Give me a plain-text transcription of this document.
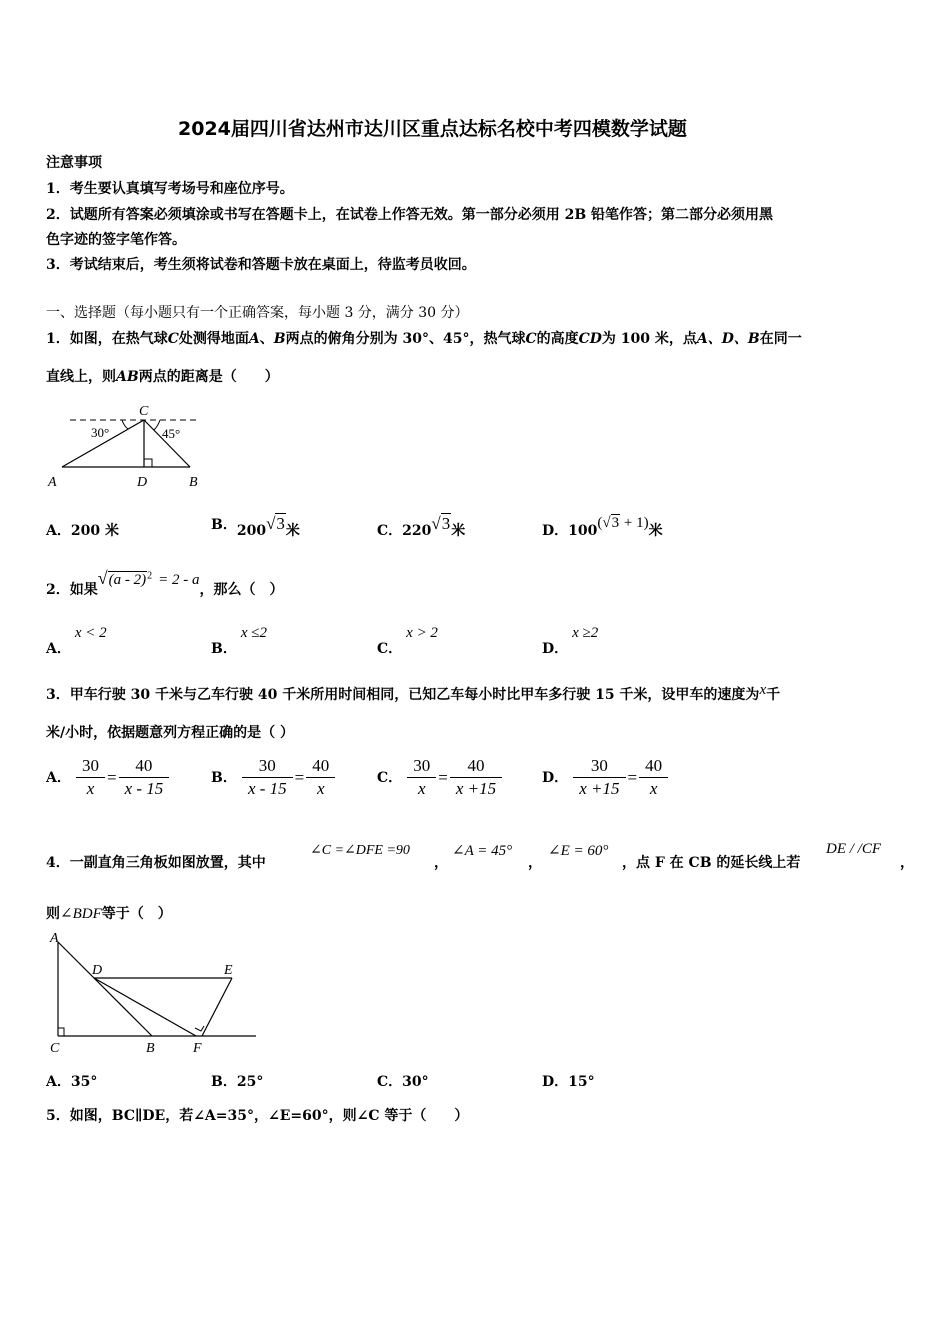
2024届四川省达州市达川区重点达标名校中考四模数学试题
注意事项
1．考生要认真填写考场号和座位序号。
2．试题所有答案必须填涂或书写在答题卡上，在试卷上作答无效。第一部分必须用 2B 铅笔作答；第二部分必须用黑
色字迹的签字笔作答。
3．考试结束后，考生须将试卷和答题卡放在桌面上，待监考员收回。
一、选择题（每小题只有一个正确答案，每小题 3 分，满分 30 分）
1．如图，在热气球C处测得地面A、B两点的俯角分别为 30°、45°，热气球C的高度CD为 100 米，点A、D、B在同一
直线上，则AB两点的距离是（　　）
C
30°	45°
A	D	B
A．200 米	B．200√3米	C．220√3米	D．100(√3 + 1)米
2．如果√(a - 2)$^2$ = 2 - a，那么（　）
A．x < 2
B．x ≤2
C．x > 2
D．x ≥2
3．甲车行驶 30 千米与乙车行驶 40 千米所用时间相同，已知乙车每小时比甲车多行驶 15 千米，设甲车的速度为x千
米/小时，依据题意列方程正确的是（ ）
A． $\frac{30}{x} = \frac{40}{x - 15}$	B． $\frac{30}{x - 15} = \frac{40}{x}$	C． $\frac{30}{x} = \frac{40}{x +15}$	D． $\frac{30}{x +15} = \frac{40}{x}$
4．一副直角三角板如图放置，其中
∠C =∠DFE =90
，
∠A = 45°
，
∠E = 60°
，点 F 在 CB 的延长线上若
DE / /CF
，
则∠BDF等于（　）
A
D	E
C	B	F
A．35°	B．25°	C．30°	D．15°
5．如图，BC∥DE，若∠A=35°，∠E=60°，则∠C 等于（　　）
